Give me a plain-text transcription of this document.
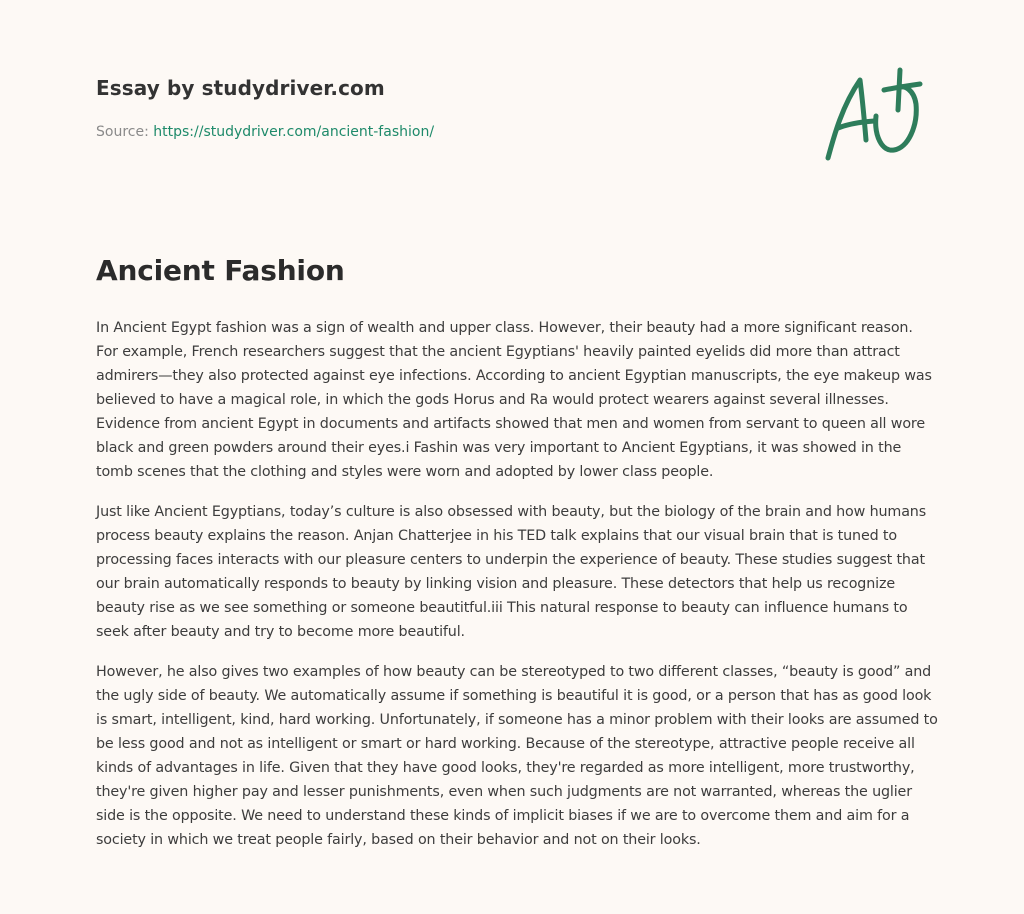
Essay by studydriver.com
Source: https://studydriver.com/ancient-fashion/
Ancient Fashion

In Ancient Egypt fashion was a sign of wealth and upper class. However, their beauty had a more significant reason. For example, French researchers suggest that the ancient Egyptians' heavily painted eyelids did more than attract admirers—they also protected against eye infections. According to ancient Egyptian manuscripts, the eye makeup was believed to have a magical role, in which the gods Horus and Ra would protect wearers against several illnesses. Evidence from ancient Egypt in documents and artifacts showed that men and women from servant to queen all wore black and green powders around their eyes.i Fashin was very important to Ancient Egyptians, it was showed in the tomb scenes that the clothing and styles were worn and adopted by lower class people.

Just like Ancient Egyptians, today’s culture is also obsessed with beauty, but the biology of the brain and how humans process beauty explains the reason. Anjan Chatterjee in his TED talk explains that our visual brain that is tuned to processing faces interacts with our pleasure centers to underpin the experience of beauty. These studies suggest that our brain automatically responds to beauty by linking vision and pleasure. These detectors that help us recognize beauty rise as we see something or someone beautitful.iii This natural response to beauty can influence humans to seek after beauty and try to become more beautiful.

However, he also gives two examples of how beauty can be stereotyped to two different classes, “beauty is good” and the ugly side of beauty. We automatically assume if something is beautiful it is good, or a person that has as good look is smart, intelligent, kind, hard working. Unfortunately, if someone has a minor problem with their looks are assumed to be less good and not as intelligent or smart or hard working. Because of the stereotype, attractive people receive all kinds of advantages in life. Given that they have good looks, they're regarded as more intelligent, more trustworthy, they're given higher pay and lesser punishments, even when such judgments are not warranted, whereas the uglier side is the opposite. We need to understand these kinds of implicit biases if we are to overcome them and aim for a society in which we treat people fairly, based on their behavior and not on their looks.
